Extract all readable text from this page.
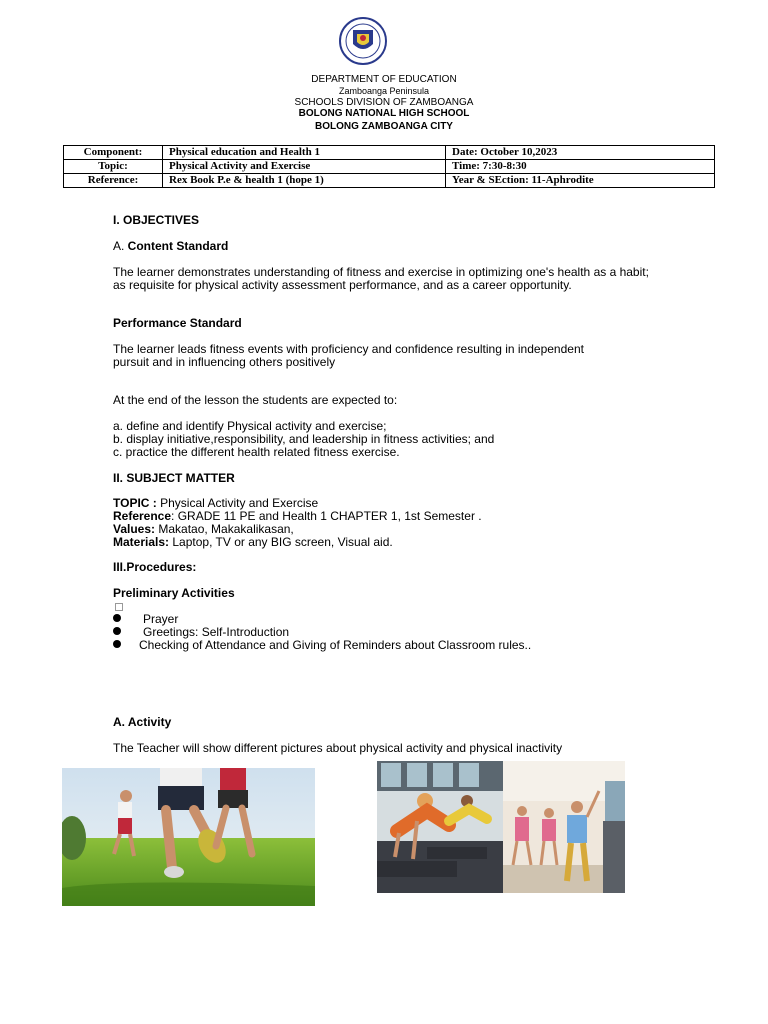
DEPARTMENT OF EDUCATION
Zamboanga Peninsula
SCHOOLS DIVISION OF ZAMBOANGA
BOLONG NATIONAL HIGH SCHOOL
BOLONG ZAMBOANGA CITY
Component:	Physical education and Health 1	Date: October 10,2023
Topic:	Physical Activity and Exercise	Time: 7:30-8:30
Reference:	Rex Book P.e & health 1 (hope 1)	Year & SEction: 11-Aphrodite
I. OBJECTIVES
A. Content Standard
The learner demonstrates understanding of fitness and exercise in optimizing one's health as a habit; as requisite for physical activity assessment performance, and as a career opportunity.
Performance Standard
The learner leads fitness events with proficiency and confidence resulting in independent pursuit and in influencing others positively
At the end of the lesson the students are expected to:
a. define and identify Physical activity and exercise;
b. display initiative,responsibility, and leadership in fitness activities; and
c. practice the different health related fitness exercise.
II. SUBJECT MATTER
TOPIC : Physical Activity and Exercise
Reference: GRADE 11 PE and Health 1 CHAPTER 1, 1st Semester .
Values: Makatao, Makakalikasan,
Materials: Laptop, TV or any BIG screen, Visual aid.
III.Procedures:
Preliminary Activities
Prayer
Greetings: Self-Introduction
Checking of Attendance and Giving of Reminders about Classroom rules..
A. Activity
The Teacher will show different pictures about physical activity and physical inactivity
